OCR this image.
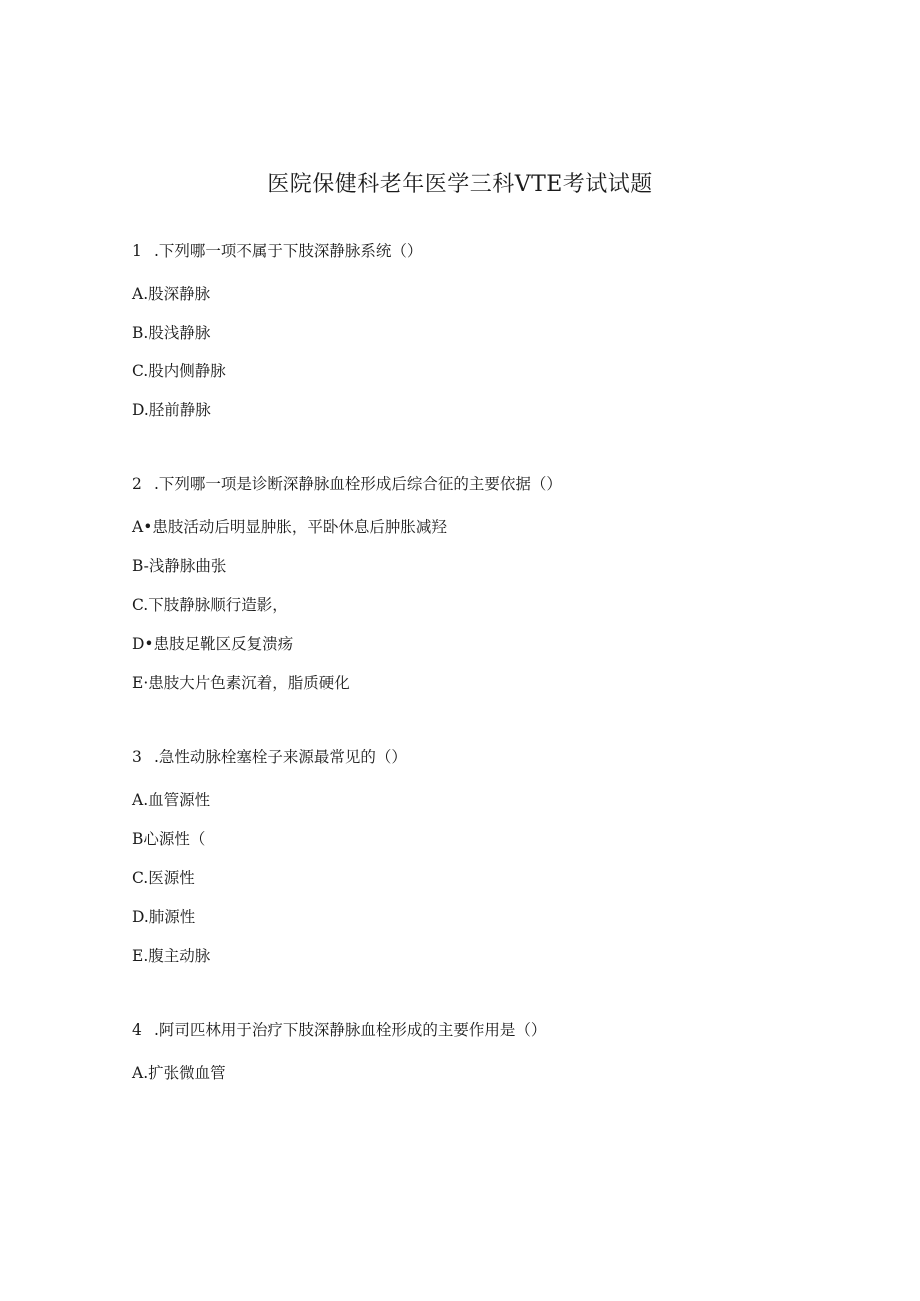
医院保健科老年医学三科VTE考试试题
1 .下列哪一项不属于下肢深静脉系统（）
A.股深静脉
B.股浅静脉
C.股内侧静脉
D.胫前静脉
2 .下列哪一项是诊断深静脉血栓形成后综合征的主要依据（）
A•患肢活动后明显肿胀，平卧休息后肿胀减羟
B-浅静脉曲张
C.下肢静脉顺行造影，
D•患肢足靴区反复溃疡
E·患肢大片色素沉着，脂质硬化
3 .急性动脉栓塞栓子来源最常见的（）
A.血管源性
B心源性（
C.医源性
D.肺源性
E.腹主动脉
4 .阿司匹林用于治疗下肢深静脉血栓形成的主要作用是（）
A.扩张微血管
